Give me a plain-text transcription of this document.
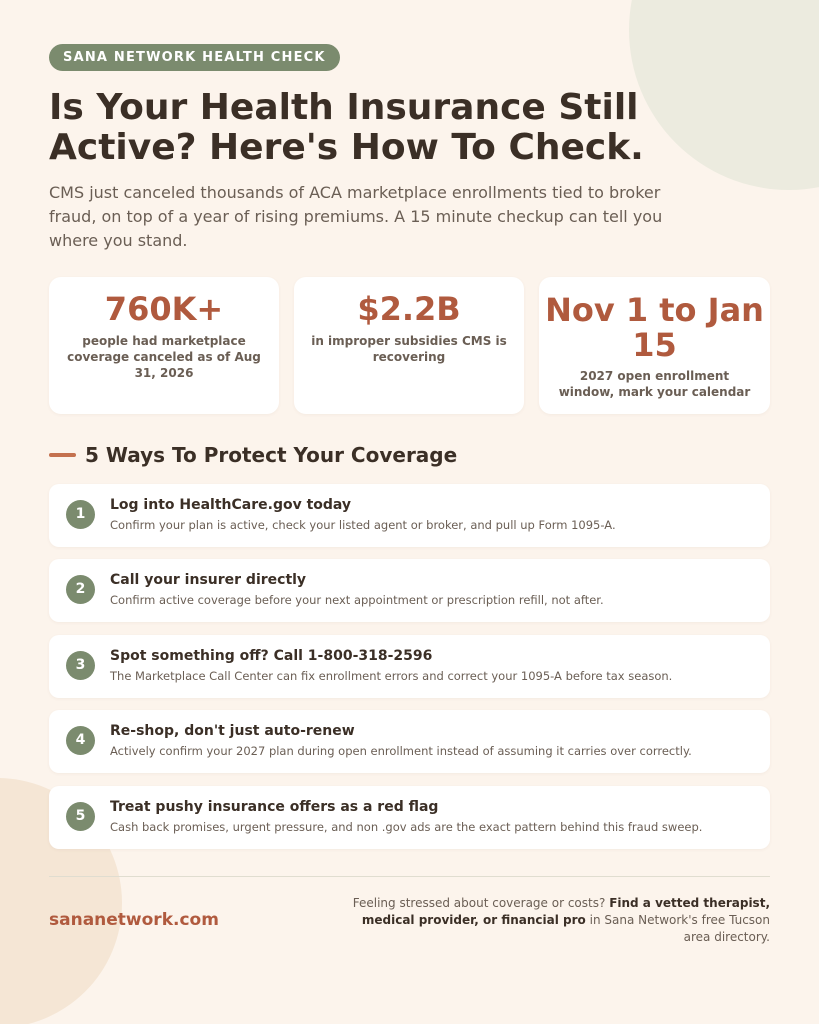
SANA NETWORK HEALTH CHECK
Is Your Health Insurance Still Active? Here's How To Check.

CMS just canceled thousands of ACA marketplace enrollments tied to broker fraud, on top of a year of rising premiums. A 15 minute checkup can tell you where you stand.

760K+
people had marketplace coverage canceled as of Aug 31, 2026
$2.2B
in improper subsidies CMS is recovering
Nov 1 to Jan 15
2027 open enrollment window, mark your calendar
5 Ways To Protect Your Coverage
1
Log into HealthCare.gov today
Confirm your plan is active, check your listed agent or broker, and pull up Form 1095-A.
2
Call your insurer directly
Confirm active coverage before your next appointment or prescription refill, not after.
3
Spot something off? Call 1-800-318-2596
The Marketplace Call Center can fix enrollment errors and correct your 1095-A before tax season.
4
Re-shop, don't just auto-renew
Actively confirm your 2027 plan during open enrollment instead of assuming it carries over correctly.
5
Treat pushy insurance offers as a red flag
Cash back promises, urgent pressure, and non .gov ads are the exact pattern behind this fraud sweep.
sananetwork.com

Feeling stressed about coverage or costs? Find a vetted therapist, medical provider, or financial pro in Sana Network's free Tucson area directory.
